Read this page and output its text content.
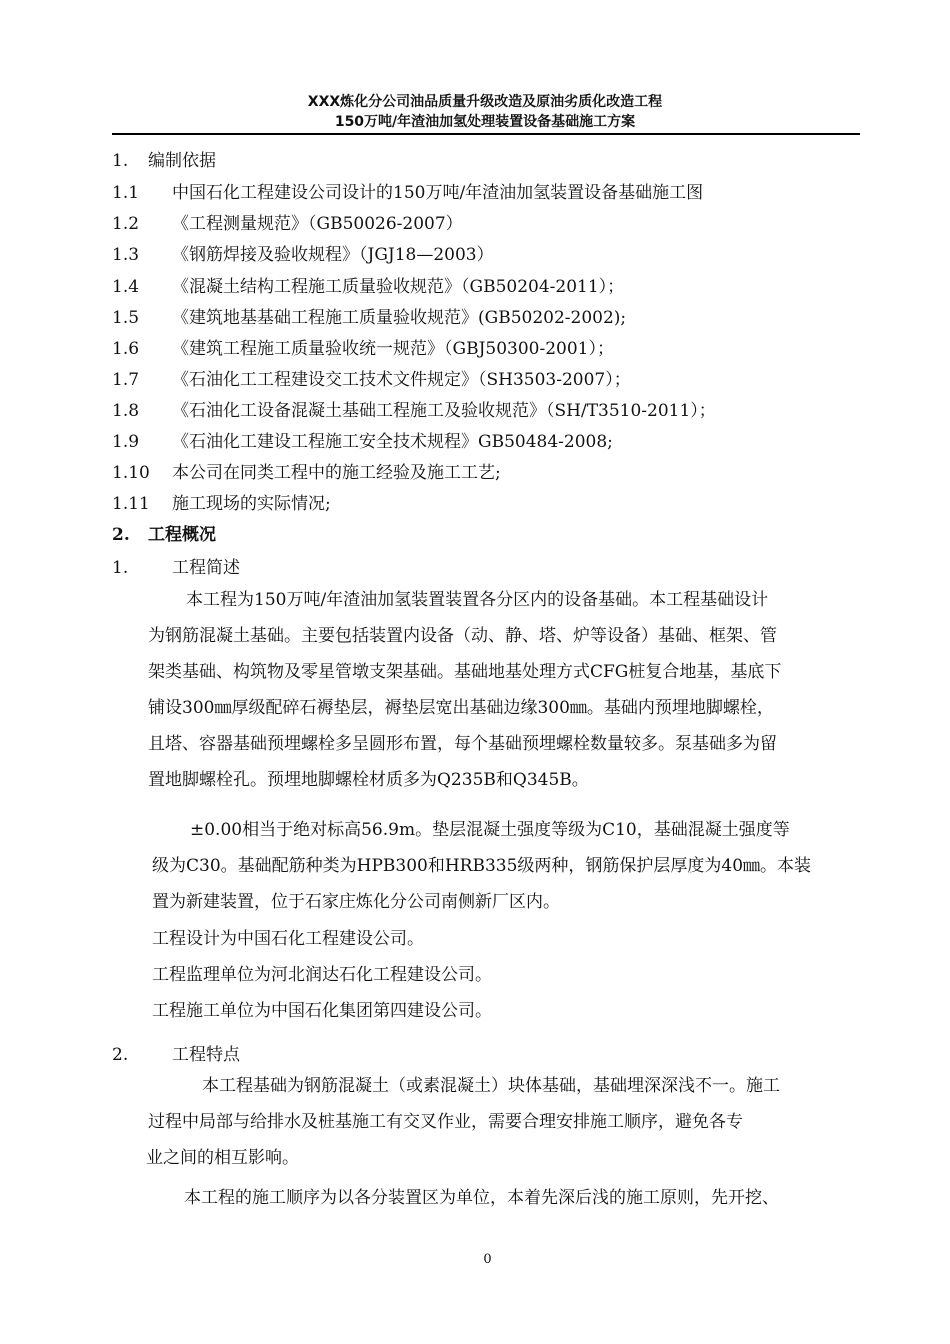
XXX炼化分公司油品质量升级改造及原油劣质化改造工程
150万吨/年渣油加氢处理装置设备基础施工方案
1. 编制依据
1.1 中国石化工程建设公司设计的150万吨/年渣油加氢装置设备基础施工图
1.2 《工程测量规范》（GB50026-2007）
1.3 《钢筋焊接及验收规程》（JGJ18—2003）
1.4 《混凝土结构工程施工质量验收规范》（GB50204-2011）；
1.5 《建筑地基基础工程施工质量验收规范》(GB50202-2002);
1.6 《建筑工程施工质量验收统一规范》（GBJ50300-2001）；
1.7 《石油化工工程建设交工技术文件规定》（SH3503-2007）；
1.8 《石油化工设备混凝土基础工程施工及验收规范》（SH/T3510-2011）；
1.9 《石油化工建设工程施工安全技术规程》GB50484-2008;
1.10 本公司在同类工程中的施工经验及施工工艺;
1.11 施工现场的实际情况;
2. 工程概况
1.	工程简述
本工程为150万吨/年渣油加氢装置装置各分区内的设备基础。本工程基础设计
为钢筋混凝土基础。主要包括装置内设备（动、静、塔、炉等设备）基础、框架、管
架类基础、构筑物及零星管墩支架基础。基础地基处理方式CFG桩复合地基，基底下
铺设300㎜厚级配碎石褥垫层，褥垫层宽出基础边缘300㎜。基础内预埋地脚螺栓，
且塔、容器基础预埋螺栓多呈圆形布置，每个基础预埋螺栓数量较多。泵基础多为留
置地脚螺栓孔。预埋地脚螺栓材质多为Q235B和Q345B。
±0.00相当于绝对标高56.9m。垫层混凝土强度等级为C10，基础混凝土强度等
级为C30。基础配筋种类为HPB300和HRB335级两种，钢筋保护层厚度为40㎜。本装
置为新建装置，位于石家庄炼化分公司南侧新厂区内。
工程设计为中国石化工程建设公司。
工程监理单位为河北润达石化工程建设公司。
工程施工单位为中国石化集团第四建设公司。
2.	工程特点
本工程基础为钢筋混凝土（或素混凝土）块体基础，基础埋深深浅不一。施工
过程中局部与给排水及桩基施工有交叉作业，需要合理安排施工顺序，避免各专
业之间的相互影响。
本工程的施工顺序为以各分装置区为单位，本着先深后浅的施工原则，先开挖、
0
